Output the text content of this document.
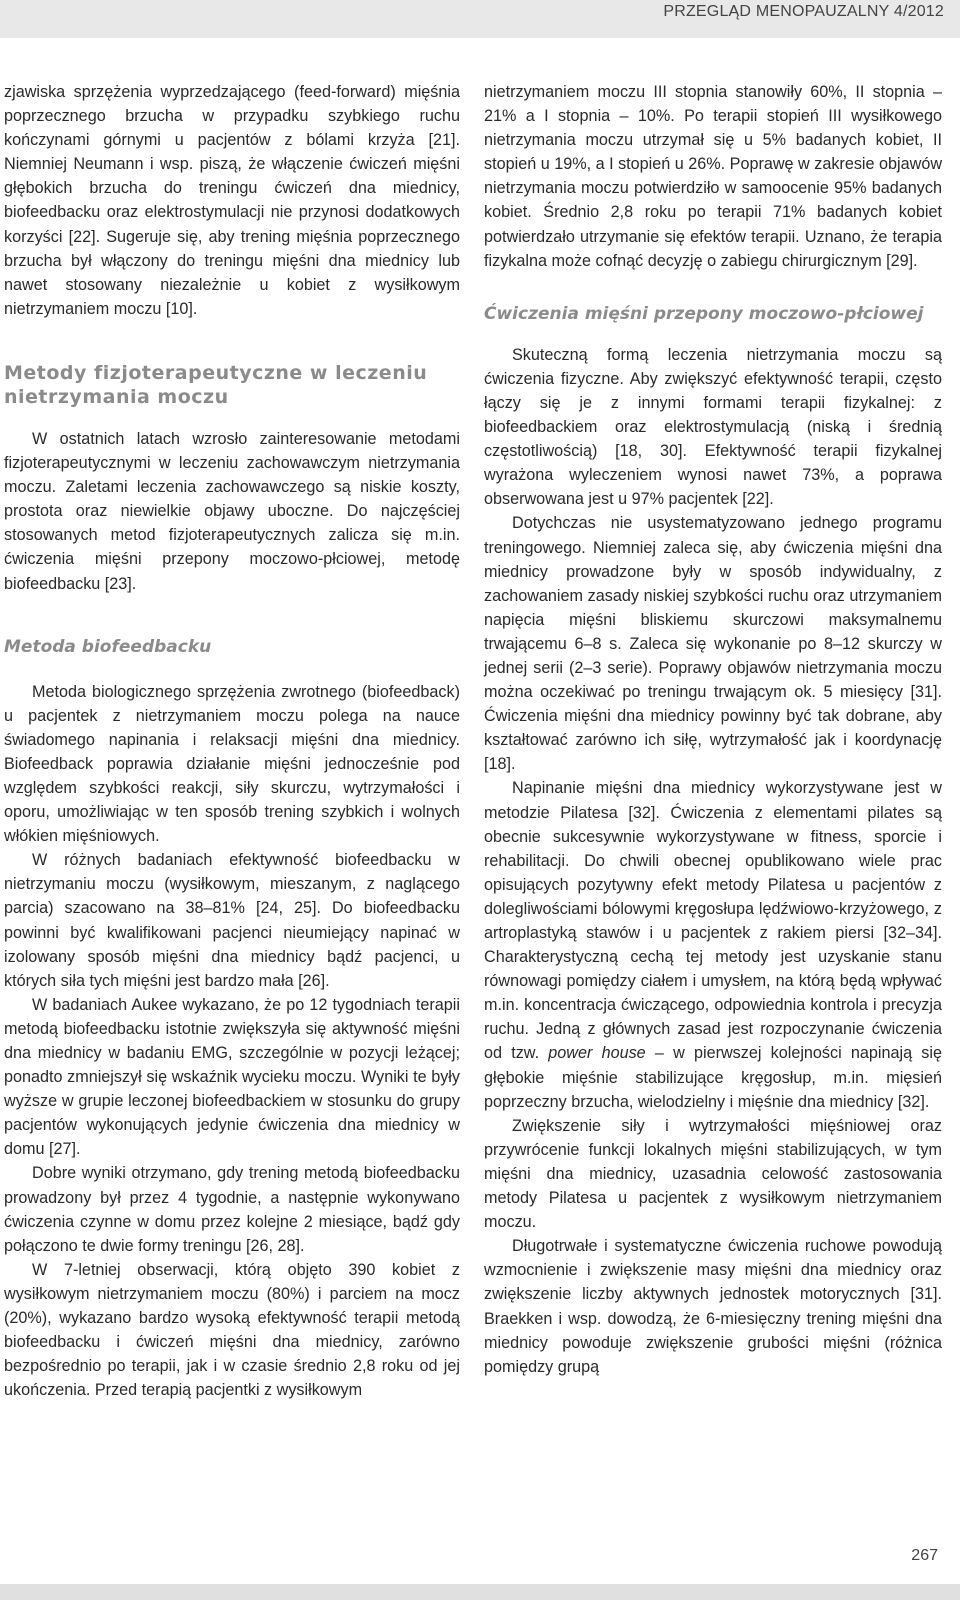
PRZEGLĄD MENOPAUZALNY 4/2012

zjawiska sprzężenia wyprzedzającego (feed-forward) mięśnia poprzecznego brzucha w przypadku szybkiego ruchu kończynami górnymi u pacjentów z bólami krzyża [21]. Niemniej Neumann i wsp. piszą, że włączenie ćwiczeń mięśni głębokich brzucha do treningu ćwiczeń dna miednicy, biofeedbacku oraz elektrostymulacji nie przynosi dodatkowych korzyści [22]. Sugeruje się, aby trening mięśnia poprzecznego brzucha był włączony do treningu mięśni dna miednicy lub nawet stosowany niezależnie u kobiet z wysiłkowym nietrzymaniem moczu [10].

Metody fizjoterapeutyczne w leczeniu nietrzymania moczu

W ostatnich latach wzrosło zainteresowanie metodami fizjoterapeutycznymi w leczeniu zachowawczym nietrzymania moczu. Zaletami leczenia zachowawczego są niskie koszty, prostota oraz niewielkie objawy uboczne. Do najczęściej stosowanych metod fizjoterapeutycznych zalicza się m.in. ćwiczenia mięśni przepony moczowo-płciowej, metodę biofeedbacku [23].

Metoda biofeedbacku

Metoda biologicznego sprzężenia zwrotnego (biofeedback) u pacjentek z nietrzymaniem moczu polega na nauce świadomego napinania i relaksacji mięśni dna miednicy. Biofeedback poprawia działanie mięśni jednocześnie pod względem szybkości reakcji, siły skurczu, wytrzymałości i oporu, umożliwiając w ten sposób trening szybkich i wolnych włókien mięśniowych.

W różnych badaniach efektywność biofeedbacku w nietrzymaniu moczu (wysiłkowym, mieszanym, z naglącego parcia) szacowano na 38–81% [24, 25]. Do biofeedbacku powinni być kwalifikowani pacjenci nieumiejący napinać w izolowany sposób mięśni dna miednicy bądź pacjenci, u których siła tych mięśni jest bardzo mała [26].

W badaniach Aukee wykazano, że po 12 tygodniach terapii metodą biofeedbacku istotnie zwiększyła się aktywność mięśni dna miednicy w badaniu EMG, szczególnie w pozycji leżącej; ponadto zmniejszył się wskaźnik wycieku moczu. Wyniki te były wyższe w grupie leczonej biofeedbackiem w stosunku do grupy pacjentów wykonujących jedynie ćwiczenia dna miednicy w domu [27].

Dobre wyniki otrzymano, gdy trening metodą biofeedbacku prowadzony był przez 4 tygodnie, a następnie wykonywano ćwiczenia czynne w domu przez kolejne 2 miesiące, bądź gdy połączono te dwie formy treningu [26, 28].

W 7-letniej obserwacji, którą objęto 390 kobiet z wysiłkowym nietrzymaniem moczu (80%) i parciem na mocz (20%), wykazano bardzo wysoką efektywność terapii metodą biofeedbacku i ćwiczeń mięśni dna miednicy, zarówno bezpośrednio po terapii, jak i w czasie średnio 2,8 roku od jej ukończenia. Przed terapią pacjentki z wysiłkowym

nietrzymaniem moczu III stopnia stanowiły 60%, II stopnia – 21% a I stopnia – 10%. Po terapii stopień III wysiłkowego nietrzymania moczu utrzymał się u 5% badanych kobiet, II stopień u 19%, a I stopień u 26%. Poprawę w zakresie objawów nietrzymania moczu potwierdziło w samoocenie 95% badanych kobiet. Średnio 2,8 roku po terapii 71% badanych kobiet potwierdzało utrzymanie się efektów terapii. Uznano, że terapia fizykalna może cofnąć decyzję o zabiegu chirurgicznym [29].

Ćwiczenia mięśni przepony moczowo-płciowej

Skuteczną formą leczenia nietrzymania moczu są ćwiczenia fizyczne. Aby zwiększyć efektywność terapii, często łączy się je z innymi formami terapii fizykalnej: z biofeedbackiem oraz elektrostymulacją (niską i średnią częstotliwością) [18, 30]. Efektywność terapii fizykalnej wyrażona wyleczeniem wynosi nawet 73%, a poprawa obserwowana jest u 97% pacjentek [22].

Dotychczas nie usystematyzowano jednego programu treningowego. Niemniej zaleca się, aby ćwiczenia mięśni dna miednicy prowadzone były w sposób indywidualny, z zachowaniem zasady niskiej szybkości ruchu oraz utrzymaniem napięcia mięśni bliskiemu skurczowi maksymalnemu trwającemu 6–8 s. Zaleca się wykonanie po 8–12 skurczy w jednej serii (2–3 serie). Poprawy objawów nietrzymania moczu można oczekiwać po treningu trwającym ok. 5 miesięcy [31]. Ćwiczenia mięśni dna miednicy powinny być tak dobrane, aby kształtować zarówno ich siłę, wytrzymałość jak i koordynację [18].

Napinanie mięśni dna miednicy wykorzystywane jest w metodzie Pilatesa [32]. Ćwiczenia z elementami pilates są obecnie sukcesywnie wykorzystywane w fitness, sporcie i rehabilitacji. Do chwili obecnej opublikowano wiele prac opisujących pozytywny efekt metody Pilatesa u pacjentów z dolegliwościami bólowymi kręgosłupa lędźwiowo-krzyżowego, z artroplastyką stawów i u pacjentek z rakiem piersi [32–34]. Charakterystyczną cechą tej metody jest uzyskanie stanu równowagi pomiędzy ciałem i umysłem, na którą będą wpływać m.in. koncentracja ćwiczącego, odpowiednia kontrola i precyzja ruchu. Jedną z głównych zasad jest rozpoczynanie ćwiczenia od tzw. power house – w pierwszej kolejności napinają się głębokie mięśnie stabilizujące kręgosłup, m.in. mięsień poprzeczny brzucha, wielodzielny i mięśnie dna miednicy [32].

Zwiększenie siły i wytrzymałości mięśniowej oraz przywrócenie funkcji lokalnych mięśni stabilizujących, w tym mięśni dna miednicy, uzasadnia celowość zastosowania metody Pilatesa u pacjentek z wysiłkowym nietrzymaniem moczu.

Długotrwałe i systematyczne ćwiczenia ruchowe powodują wzmocnienie i zwiększenie masy mięśni dna miednicy oraz zwiększenie liczby aktywnych jednostek motorycznych [31]. Braekken i wsp. dowodzą, że 6-miesięczny trening mięśni dna miednicy powoduje zwiększenie grubości mięśni (różnica pomiędzy grupą

267
